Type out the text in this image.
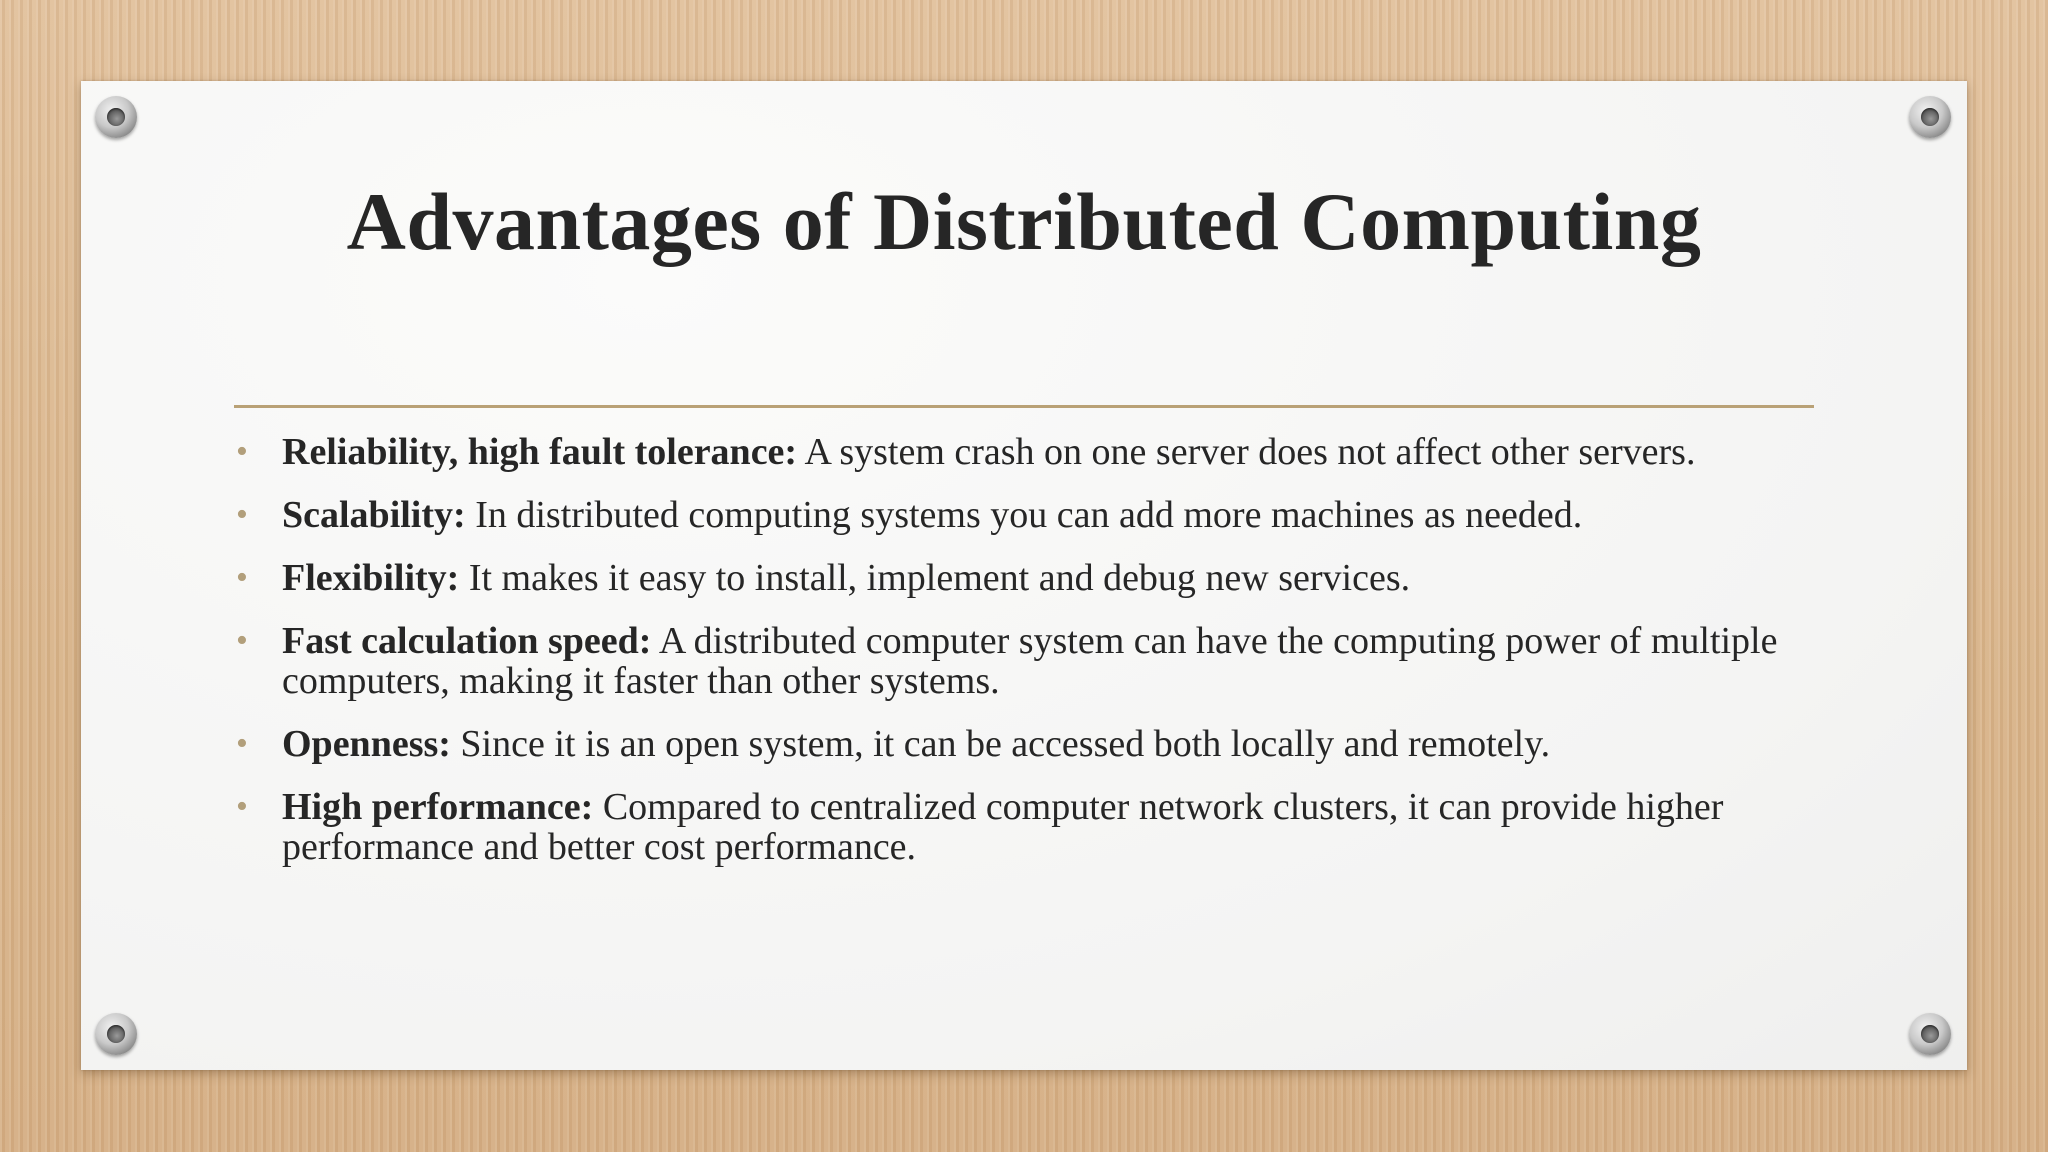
Advantages of Distributed Computing
• Reliability, high fault tolerance: A system crash on one server does not affect other servers.
• Scalability: In distributed computing systems you can add more machines as needed.
• Flexibility: It makes it easy to install, implement and debug new services.
• Fast calculation speed: A distributed computer system can have the computing power of multiple computers, making it faster than other systems.
• Openness: Since it is an open system, it can be accessed both locally and remotely.
• High performance: Compared to centralized computer network clusters, it can provide higher performance and better cost performance.
